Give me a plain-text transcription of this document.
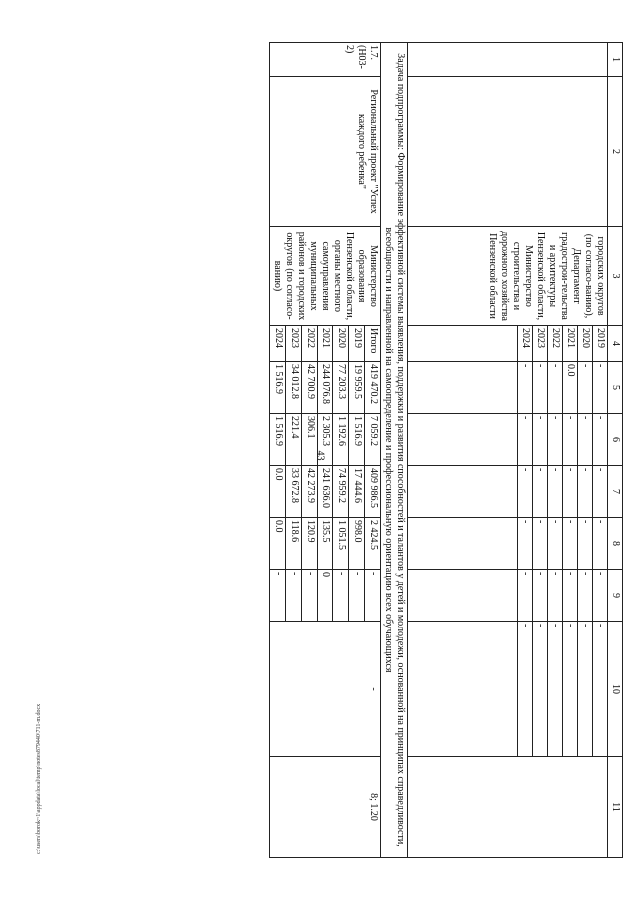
43
1	2	3	4	5	6	7	8	9	10	11
		городских округов (по согласо-ванию), Департамент градострои-тельства и архитектуры Пензенской области, Министерство строительства и дорожного хозяйства Пензенской области	2019	-	-	-	-	-	-	
			2020	-	-	-	-	-	-	
			2021	0.0	-	-	-	-	-	
			2022	-	-	-	-	-	-	
			2023	-	-	-	-	-	-	
			2024	-	-	-	-	-	-	

Задача подпрограммы: Формирование эффективной системы выявления, поддержки и развития способностей и талантов у детей и молодежи, основанной на принципах справедливости, всеобщности и направленной на самоопределение и профессиональную ориентацию всех обучающихся										

1.7.
(Н03-2)	Региональный проект "Успех каждого ребенка"	Министерство образования Пензенской области, органы местного самоуправления муниципальных районов и городских округов (по согласо-ванию)	Итого	419 470.2	7 059.2	409 986.5	2 424.5	-	-	8; 1.20
			2019	19 959.5	1 516.9	17 444.6	998.0	-		
			2020	77 203.3	1 192.6	74 959.2	1 051.5	-		
			2021	244 076.8	2 305.3	241 636.0	135.5	0		
			2022	42 700.9	306.1	42 273.9	120.9	-		
			2023	34 012.8	221.4	33 672.8	118.6	-		
			2024	1 516.9	1 516.9	0.0	0.0	-		
c:\users\borok~1\appdata\local\temp\notes879440\711-m.docx
